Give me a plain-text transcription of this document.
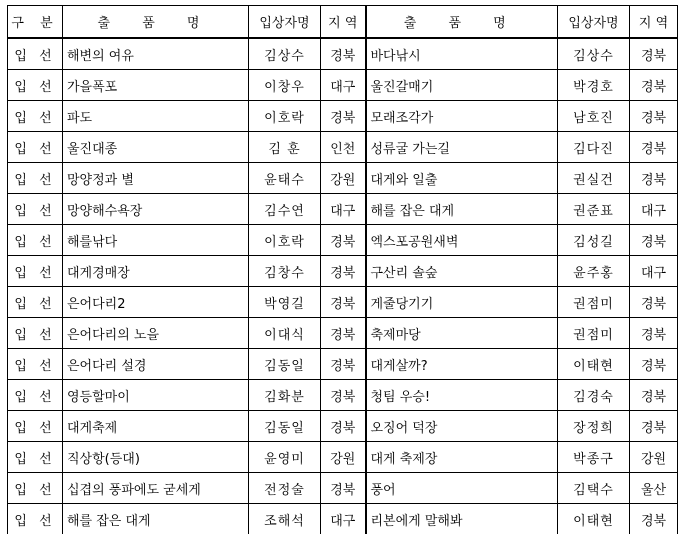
구 분	출 품 명	입상자명	지 역	출 품 명	입상자명	지 역
입 선	해변의 여유	김상수	경북	바다낚시	김상수	경북
입 선	가을폭포	이창우	대구	울진갈매기	박경호	경북
입 선	파도	이호락	경북	모래조각가	남호진	경북
입 선	울진대종	김 훈	인천	성류굴 가는길	김다진	경북
입 선	망양정과 별	윤태수	강원	대게와 일출	권실건	경북
입 선	망양해수욕장	김수연	대구	해를 잡은 대게	권준표	대구
입 선	해를낚다	이호락	경북	엑스포공원새벽	김성길	경북
입 선	대게경매장	김창수	경북	구산리 솔숲	윤주홍	대구
입 선	은어다리2	박영길	경북	게줄당기기	권점미	경북
입 선	은어다리의 노을	이대식	경북	축제마당	권점미	경북
입 선	은어다리 설경	김동일	경북	대게살까?	이태현	경북
입 선	영등할마이	김화분	경북	청팀 우승!	김경숙	경북
입 선	대게축제	김동일	경북	오징어 덕장	장정희	경북
입 선	직상항(등대)	윤영미	강원	대게 축제장	박종구	강원
입 선	십겹의 풍파에도 굳세게	전정술	경북	풍어	김택수	울산
입 선	해를 잡은 대게	조해석	대구	리본에게 말해봐	이태현	경북
